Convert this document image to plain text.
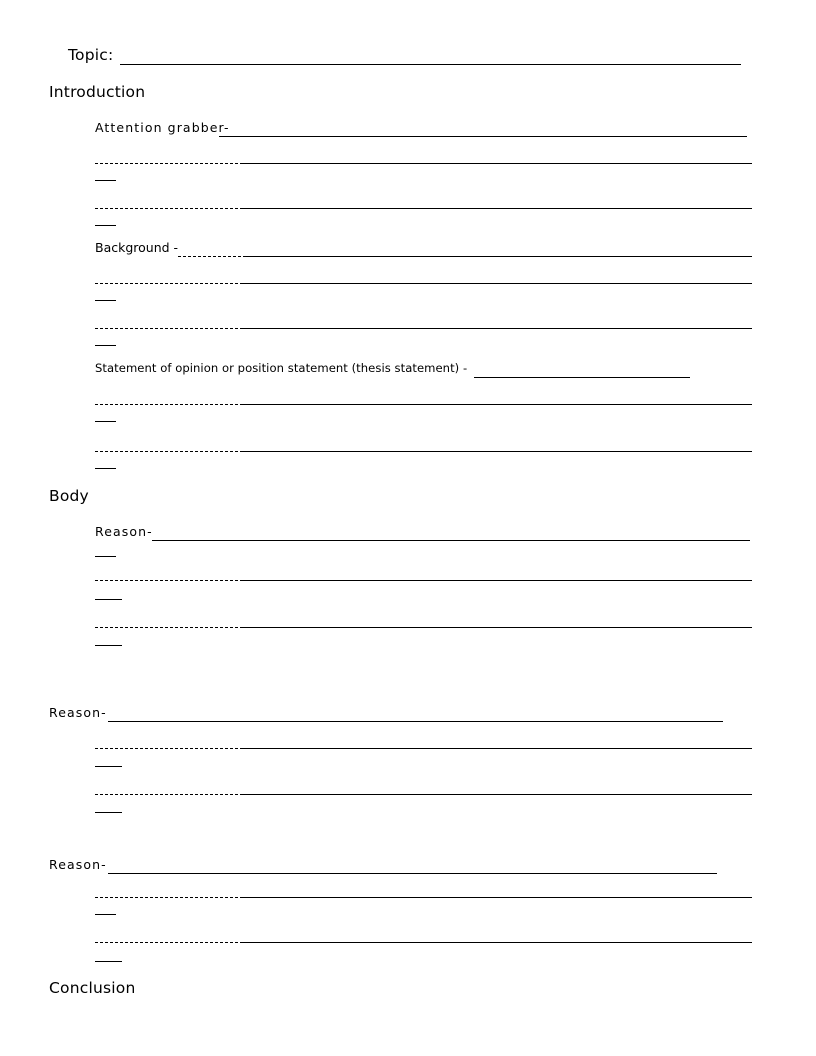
Topic:
Introduction
Attention grabber-
Background -
Statement of opinion or position statement (thesis statement) -
Body
Reason-
Reason-
Reason-
Conclusion
